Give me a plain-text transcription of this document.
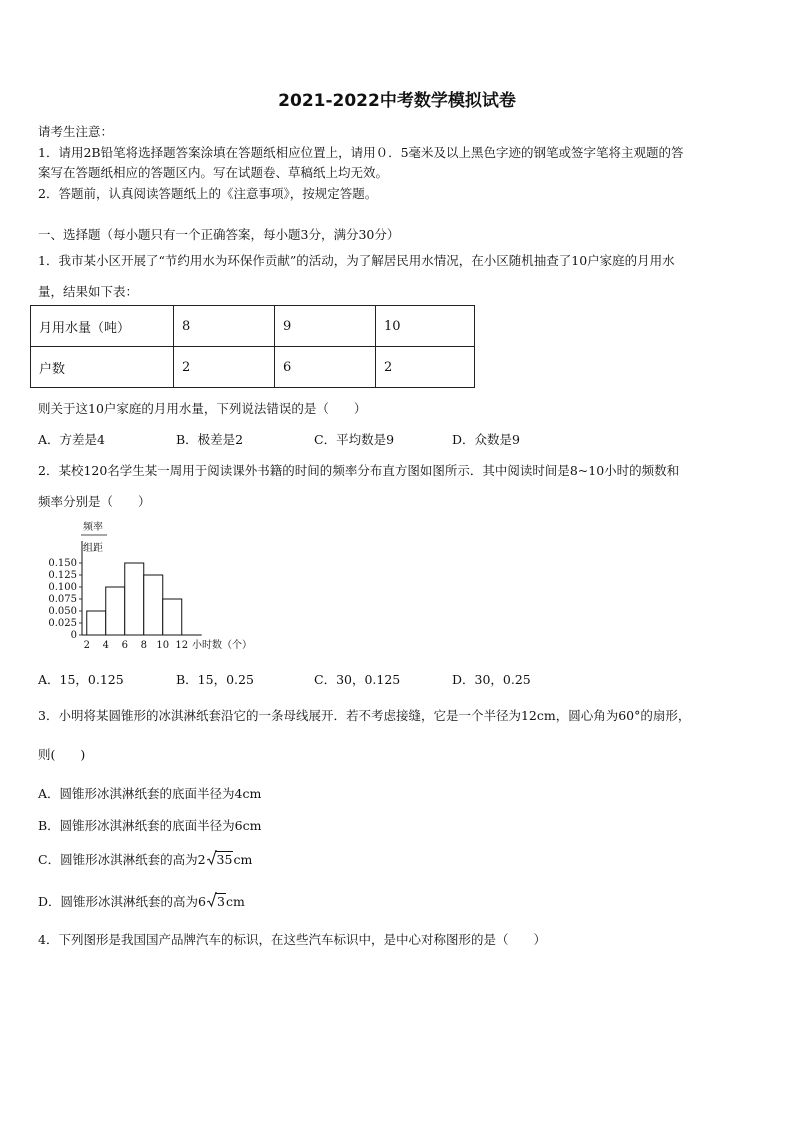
2021-2022中考数学模拟试卷
请考生注意：
1．请用2B铅笔将选择题答案涂填在答题纸相应位置上，请用０．5毫米及以上黑色字迹的钢笔或签字笔将主观题的答
案写在答题纸相应的答题区内。写在试题卷、草稿纸上均无效。
2．答题前，认真阅读答题纸上的《注意事项》，按规定答题。
一、选择题（每小题只有一个正确答案，每小题3分，满分30分）
1．我市某小区开展了“节约用水为环保作贡献”的活动，为了解居民用水情况，在小区随机抽查了10户家庭的月用水
量，结果如下表：
月用水量（吨）	8	9	10
户数	2	6	2
则关于这10户家庭的月用水量，下列说法错误的是（　　）
A．方差是4	B．极差是2	C．平均数是9	D．众数是9
2．某校120名学生某一周用于阅读课外书籍的时间的频率分布直方图如图所示．其中阅读时间是8~10小时的频数和
频率分别是（　　）
频率
组距
0
0.025
0.050
0.075
0.100
0.125
0.150
2 4 6 8 10 12 小时数（个）
A．15，0.125	B．15，0.25	C．30，0.125	D．30，0.25
3．小明将某圆锥形的冰淇淋纸套沿它的一条母线展开．若不考虑接缝，它是一个半径为12cm，圆心角为60°的扇形，
则(　　)
A．圆锥形冰淇淋纸套的底面半径为4cm
B．圆锥形冰淇淋纸套的底面半径为6cm
C．圆锥形冰淇淋纸套的高为2 35cm
D．圆锥形冰淇淋纸套的高为6 3cm
4．下列图形是我国国产品牌汽车的标识，在这些汽车标识中，是中心对称图形的是（　　）
